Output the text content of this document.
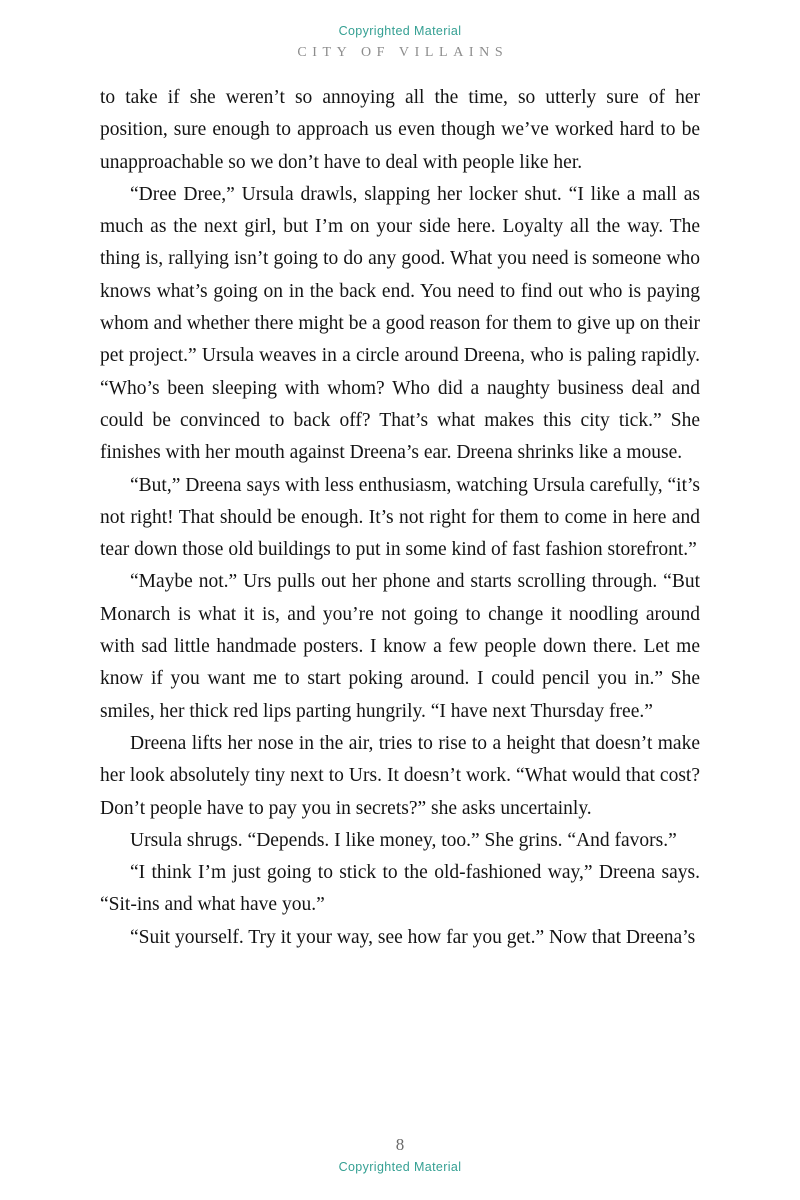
Copyrighted Material
CITY OF VILLAINS

to take if she weren’t so annoying all the time, so utterly sure of her position, sure enough to approach us even though we’ve worked hard to be unapproachable so we don’t have to deal with people like her.

“Dree Dree,” Ursula drawls, slapping her locker shut. “I like a mall as much as the next girl, but I’m on your side here. Loyalty all the way. The thing is, rallying isn’t going to do any good. What you need is someone who knows what’s going on in the back end. You need to find out who is paying whom and whether there might be a good reason for them to give up on their pet project.” Ursula weaves in a circle around Dreena, who is paling rapidly. “Who’s been sleeping with whom? Who did a naughty business deal and could be convinced to back off? That’s what makes this city tick.” She finishes with her mouth against Dreena’s ear. Dreena shrinks like a mouse.

“But,” Dreena says with less enthusiasm, watching Ursula carefully, “it’s not right! That should be enough. It’s not right for them to come in here and tear down those old buildings to put in some kind of fast fashion storefront.”

“Maybe not.” Urs pulls out her phone and starts scrolling through. “But Monarch is what it is, and you’re not going to change it noodling around with sad little handmade posters. I know a few people down there. Let me know if you want me to start poking around. I could pencil you in.” She smiles, her thick red lips parting hungrily. “I have next Thursday free.”

Dreena lifts her nose in the air, tries to rise to a height that doesn’t make her look absolutely tiny next to Urs. It doesn’t work. “What would that cost? Don’t people have to pay you in secrets?” she asks uncertainly.

Ursula shrugs. “Depends. I like money, too.” She grins. “And favors.”

“I think I’m just going to stick to the old-fashioned way,” Dreena says. “Sit-ins and what have you.”

“Suit yourself. Try it your way, see how far you get.” Now that Dreena’s

8
Copyrighted Material
